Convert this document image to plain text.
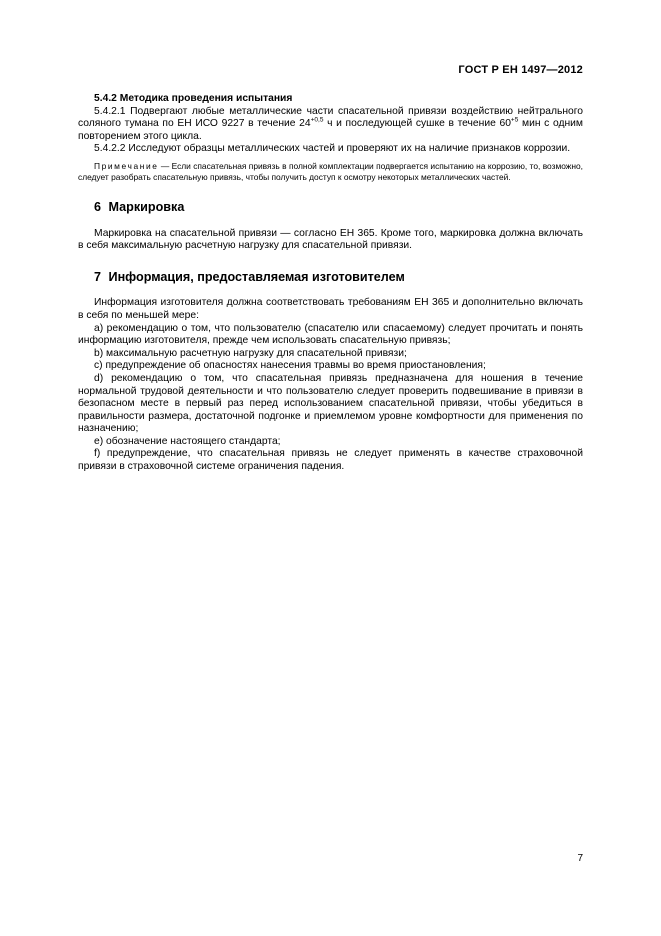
ГОСТ Р ЕН 1497—2012

5.4.2 Методика проведения испытания

5.4.2.1 Подвергают любые металлические части спасательной привязи воздействию нейтрального соляного тумана по ЕН ИСО 9227 в течение $24^{+0,5}$ ч и последующей сушке в течение $60^{+5}$ мин с одним повторением этого цикла.

5.4.2.2 Исследуют образцы металлических частей и проверяют их на наличие признаков коррозии.

Примечание — Если спасательная привязь в полной комплектации подвергается испытанию на коррозию, то, возможно, следует разобрать спасательную привязь, чтобы получить доступ к осмотру некоторых металлических частей.

6 Маркировка

Маркировка на спасательной привязи — согласно ЕН 365. Кроме того, маркировка должна включать в себя максимальную расчетную нагрузку для спасательной привязи.

7 Информация, предоставляемая изготовителем

Информация изготовителя должна соответствовать требованиям ЕН 365 и дополнительно включать в себя по меньшей мере:

a) рекомендацию о том, что пользователю (спасателю или спасаемому) следует прочитать и понять информацию изготовителя, прежде чем использовать спасательную привязь;

b) максимальную расчетную нагрузку для спасательной привязи;

c) предупреждение об опасностях нанесения травмы во время приостановления;

d) рекомендацию о том, что спасательная привязь предназначена для ношения в течение нормальной трудовой деятельности и что пользователю следует проверить подвешивание в привязи в безопасном месте в первый раз перед использованием спасательной привязи, чтобы убедиться в правильности размера, достаточной подгонке и приемлемом уровне комфортности для применения по назначению;

e) обозначение настоящего стандарта;

f) предупреждение, что спасательная привязь не следует применять в качестве страховочной привязи в страховочной системе ограничения падения.

7
